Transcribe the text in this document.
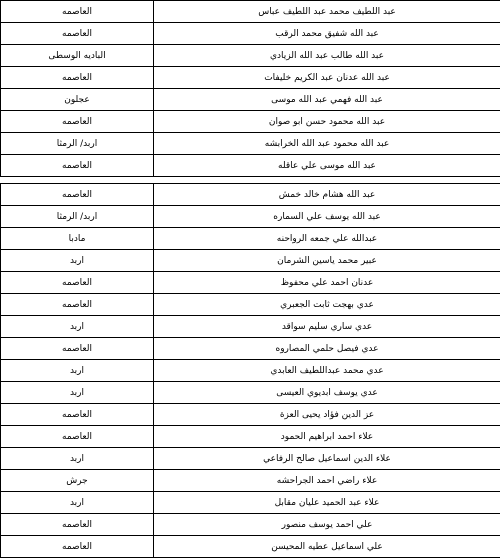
العاصمه	عبد اللطيف محمد عبد اللطيف عباس
العاصمه	عبد الله شفيق محمد الرقب
الباديه الوسطى	عبد الله طالب عبد الله الزيادي
العاصمه	عبد الله عدنان عبد الكريم خليفات
عجلون	عبد الله فهمي عبد الله موسى
العاصمه	عبد الله محمود حسن ابو صوان
اربد/ الرمثا	عبد الله محمود عبد الله الخرابشه
العاصمه	عبد الله موسى علي عاقله

العاصمه	عبد الله هشام خالد خمش
اربد/ الرمثا	عبد الله يوسف علي السماره
مادبا	عبدالله علي جمعه الرواحنه
اربد	عبير محمد ياسين الشرمان
العاصمه	عدنان احمد علي محفوظ
العاصمه	عدي بهجت ثابت الجعبري
اربد	عدي ساري سليم سواقد
العاصمه	عدي فيصل حلمي المصاروه
اربد	عدي محمد عبداللطيف العابدي
اربد	عدي يوسف ابديوي العيسى
العاصمه	عز الدين فؤاد يحيى العزة
العاصمه	علاء احمد ابراهيم الحمود
اربد	علاء الدين اسماعيل صالح الرفاعي
جرش	علاء راضي احمد الجراحشه
اربد	علاء عبد الحميد عليان مقابل
العاصمه	علي احمد يوسف منصور
العاصمه	علي اسماعيل عطيه المحيسن
